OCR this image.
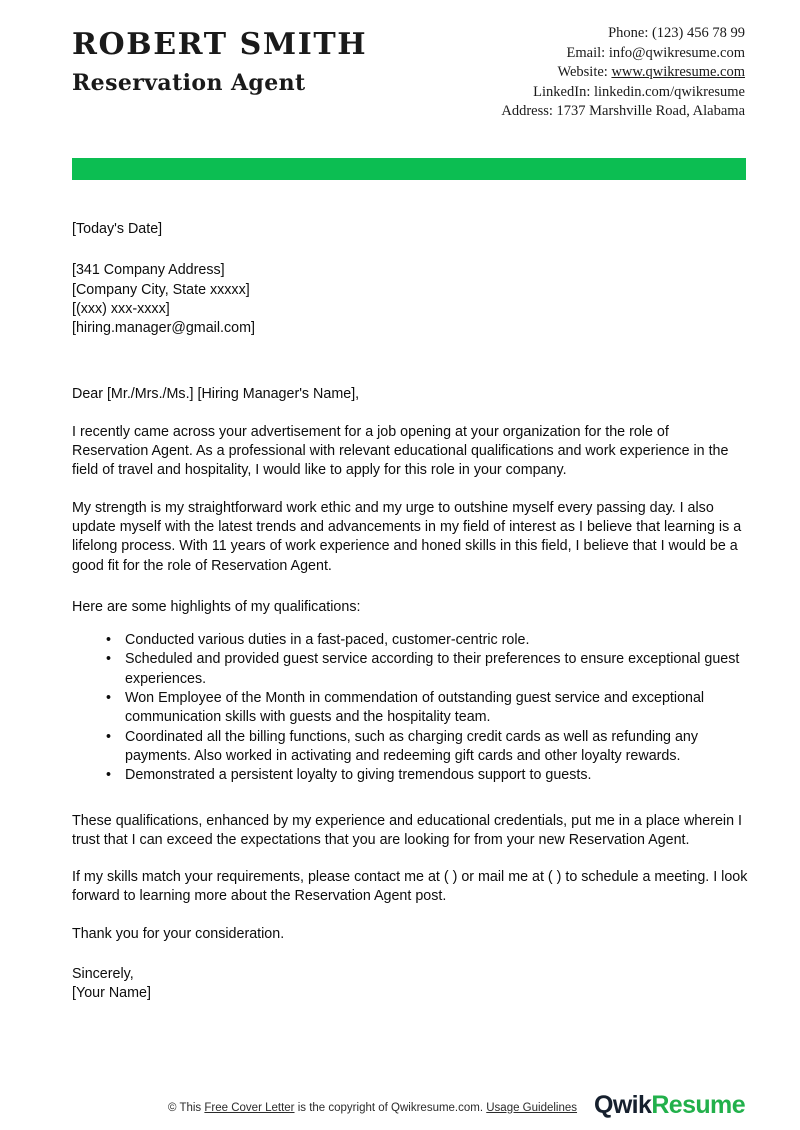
ROBERT SMITH
Reservation Agent
Phone: (123) 456 78 99
Email: info@qwikresume.com
Website: www.qwikresume.com
LinkedIn: linkedin.com/qwikresume
Address: 1737 Marshville Road, Alabama
[Today's Date]
[341 Company Address]
[Company City, State xxxxx]
[(xxx) xxx-xxxx]
[hiring.manager@gmail.com]
Dear [Mr./Mrs./Ms.] [Hiring Manager's Name],
I recently came across your advertisement for a job opening at your organization for the role of Reservation Agent. As a professional with relevant educational qualifications and work experience in the field of travel and hospitality, I would like to apply for this role in your company.
My strength is my straightforward work ethic and my urge to outshine myself every passing day. I also update myself with the latest trends and advancements in my field of interest as I believe that learning is a lifelong process. With 11 years of work experience and honed skills in this field, I believe that I would be a good fit for the role of Reservation Agent.
Here are some highlights of my qualifications:
• Conducted various duties in a fast-paced, customer-centric role.
• Scheduled and provided guest service according to their preferences to ensure exceptional guest experiences.
• Won Employee of the Month in commendation of outstanding guest service and exceptional communication skills with guests and the hospitality team.
• Coordinated all the billing functions, such as charging credit cards as well as refunding any payments. Also worked in activating and redeeming gift cards and other loyalty rewards.
• Demonstrated a persistent loyalty to giving tremendous support to guests.
These qualifications, enhanced by my experience and educational credentials, put me in a place wherein I trust that I can exceed the expectations that you are looking for from your new Reservation Agent.
If my skills match your requirements, please contact me at ( ) or mail me at ( ) to schedule a meeting. I look forward to learning more about the Reservation Agent post.
Thank you for your consideration.
Sincerely,
[Your Name]
© This Free Cover Letter is the copyright of Qwikresume.com. Usage Guidelines QwikResume
